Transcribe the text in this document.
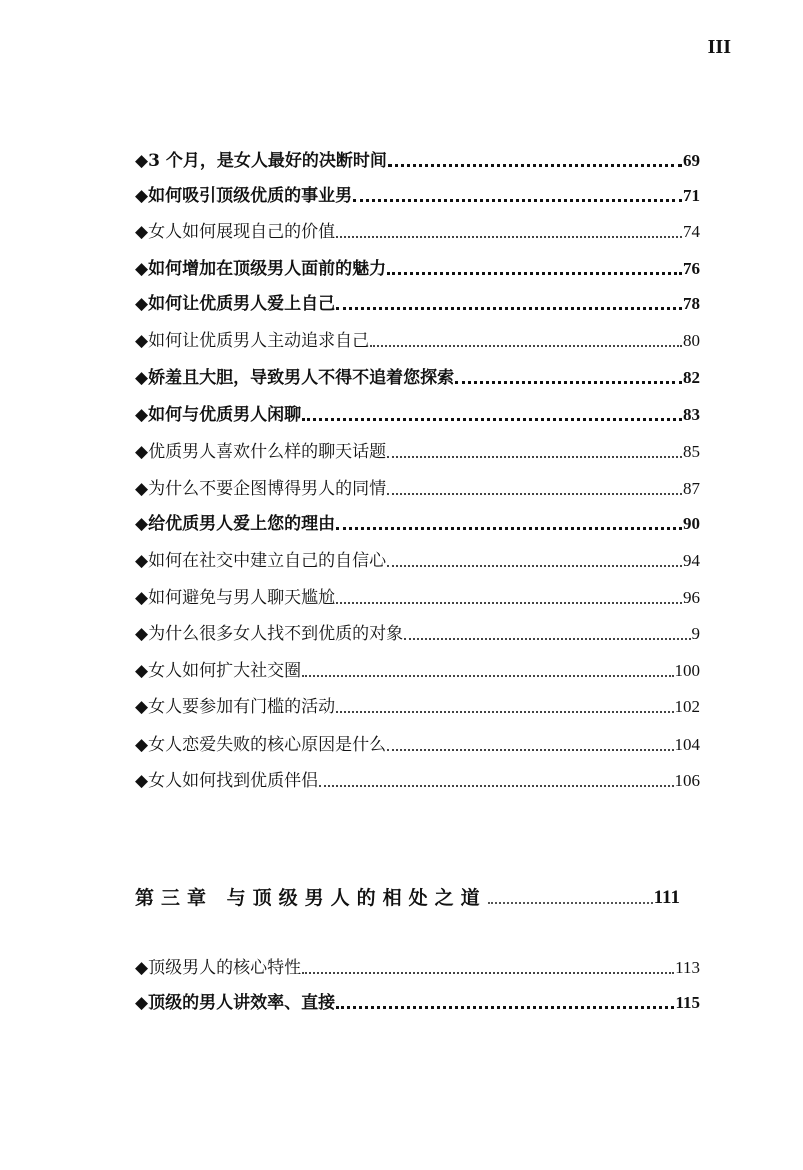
III
◆3 个月，是女人最好的决断时间	69
◆如何吸引顶级优质的事业男	71
◆女人如何展现自己的价值	74
◆如何增加在顶级男人面前的魅力	76
◆如何让优质男人爱上自己	78
◆如何让优质男人主动追求自己	80
◆娇羞且大胆，导致男人不得不追着您探索	82
◆如何与优质男人闲聊	83
◆优质男人喜欢什么样的聊天话题	85
◆为什么不要企图博得男人的同情	87
◆给优质男人爱上您的理由	90
◆如何在社交中建立自己的自信心	94
◆如何避免与男人聊天尴尬	96
◆为什么很多女人找不到优质的对象	9
◆女人如何扩大社交圈	100
◆女人要参加有门槛的活动	102
◆女人恋爱失败的核心原因是什么	104
◆女人如何找到优质伴侣	106
第三章 与顶级男人的相处之道	111
◆顶级男人的核心特性	113
◆顶级的男人讲效率、直接	115
